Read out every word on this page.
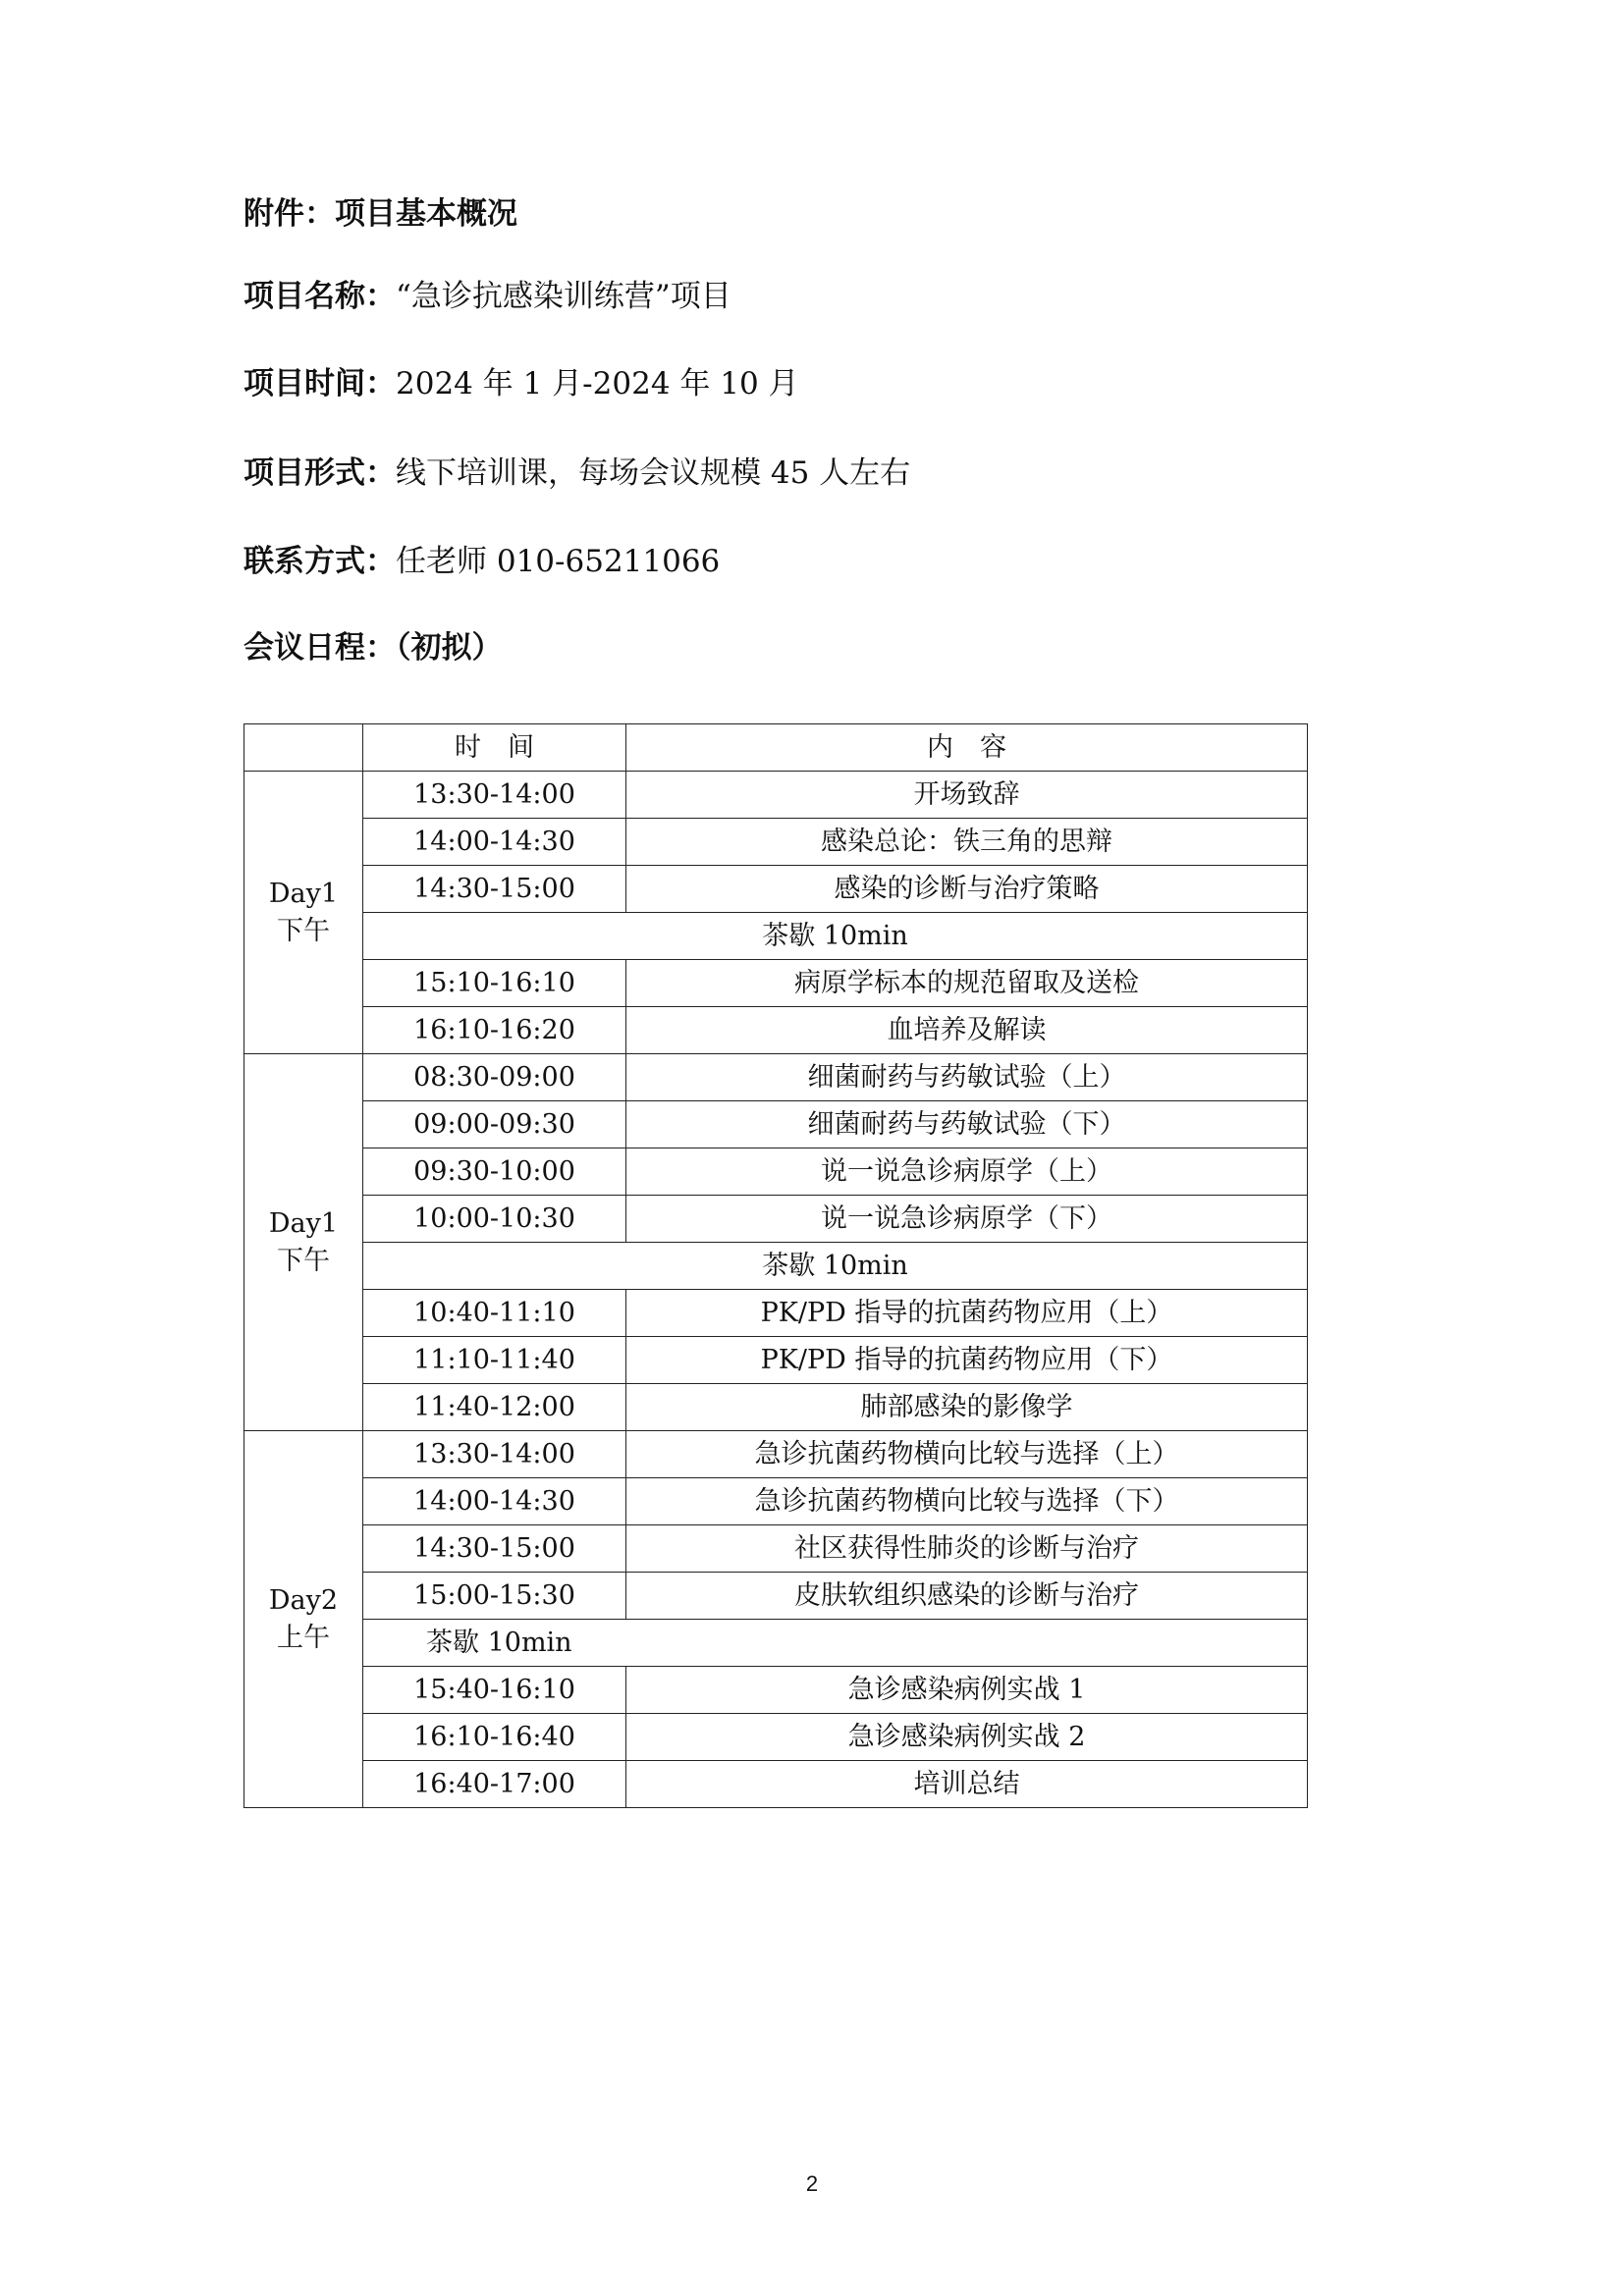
附件：项目基本概况
项目名称：“急诊抗感染训练营”项目
项目时间：2024 年 1 月-2024 年 10 月
项目形式：线下培训课，每场会议规模 45 人左右
联系方式：任老师 010-65211066
会议日程：（初拟）
	时　间	内　容

Day1
下午	13:30-14:00	开场致辞
	14:00-14:30	感染总论：铁三角的思辩
	14:30-15:00	感染的诊断与治疗策略
	茶歇 10min	
	15:10-16:10	病原学标本的规范留取及送检
	16:10-16:20	血培养及解读

Day1
下午	08:30-09:00	细菌耐药与药敏试验（上）
	09:00-09:30	细菌耐药与药敏试验（下）
	09:30-10:00	说一说急诊病原学（上）
	10:00-10:30	说一说急诊病原学（下）
	茶歇 10min	
	10:40-11:10	PK/PD 指导的抗菌药物应用（上）
	11:10-11:40	PK/PD 指导的抗菌药物应用（下）
	11:40-12:00	肺部感染的影像学

Day2
上午	13:30-14:00	急诊抗菌药物横向比较与选择（上）
	14:00-14:30	急诊抗菌药物横向比较与选择（下）
	14:30-15:00	社区获得性肺炎的诊断与治疗
	15:00-15:30	皮肤软组织感染的诊断与治疗
	茶歇 10min	
	15:40-16:10	急诊感染病例实战 1
	16:10-16:40	急诊感染病例实战 2
	16:40-17:00	培训总结
2
